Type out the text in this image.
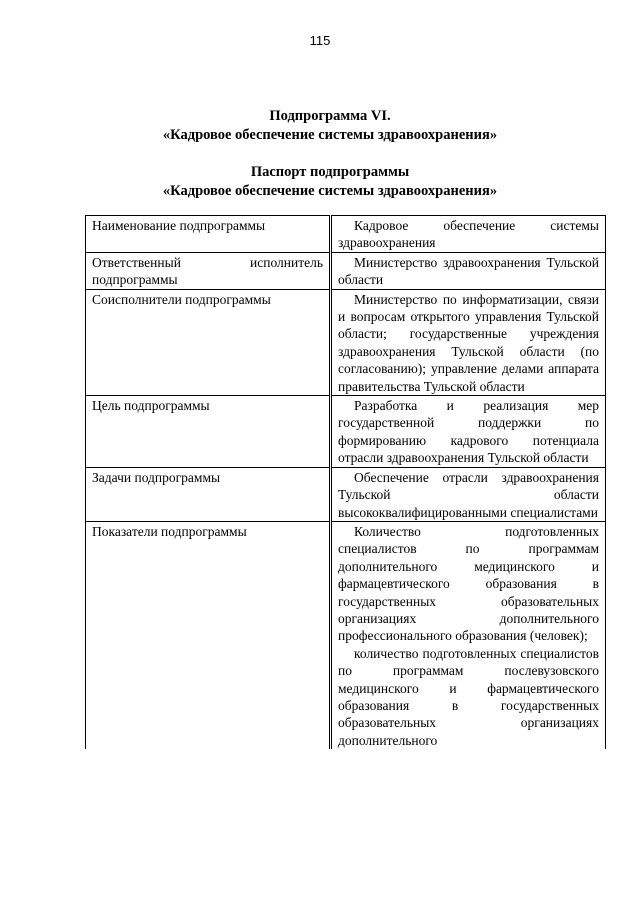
115
Подпрограмма VI.
«Кадровое обеспечение системы здравоохранения»
Паспорт подпрограммы
«Кадровое обеспечение системы здравоохранения»
Наименование подпрограммы	Кадровое обеспечение системы здравоохранения

Ответственный исполнитель подпрограммы	Министерство здравоохранения Тульской области

Соисполнители подпрограммы	Министерство по информатизации, связи и вопросам открытого управления Тульской области; государственные учреждения здравоохранения Тульской области (по согласованию); управление делами аппарата правительства Тульской области

Цель подпрограммы	Разработка и реализация мер государственной поддержки по формированию кадрового потенциала отрасли здравоохранения Тульской области

Задачи подпрограммы	Обеспечение отрасли здравоохранения Тульской области высококвалифицированными специалистами

Показатели подпрограммы	Количество подготовленных специалистов по программам дополнительного медицинского и фармацевтического образования в государственных образовательных организациях дополнительного профессионального образования (человек);
количество подготовленных специалистов по программам послевузовского медицинского и фармацевтического образования в государственных образовательных организациях дополнительного
